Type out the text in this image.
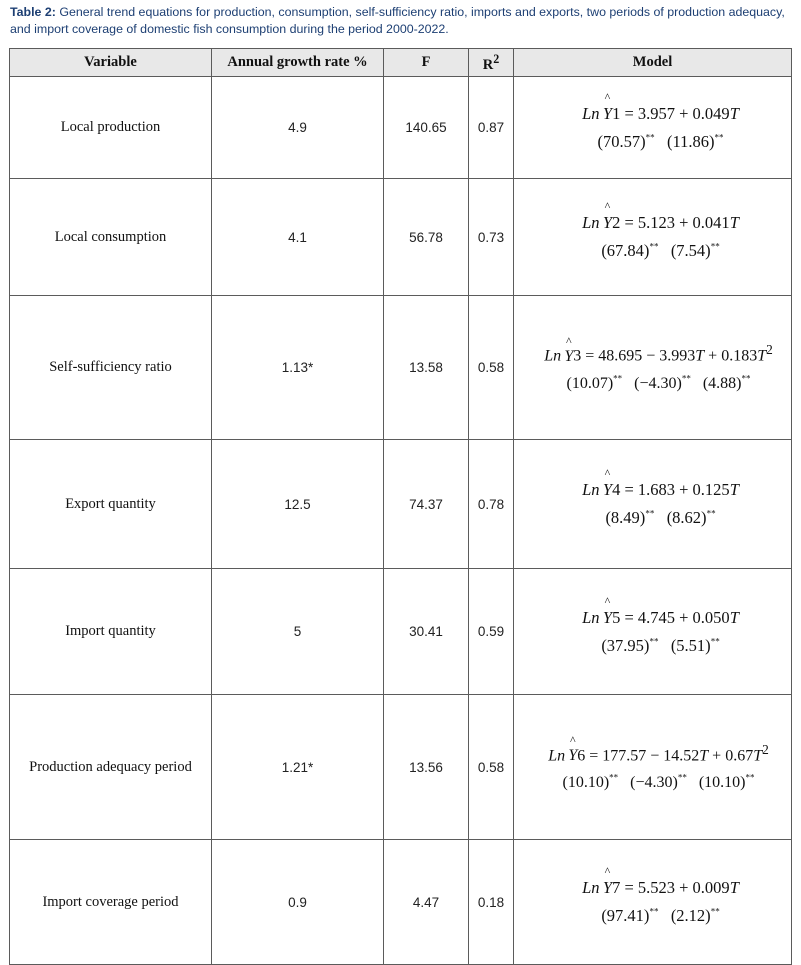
Table 2: General trend equations for production, consumption, self-sufficiency ratio, imports and exports, two periods of production adequacy, and import coverage of domestic fish consumption during the period 2000-2022.
Variable	Annual growth rate %	F	$R^2$	Model
Local production	4.9	140.65	0.87	Ln  ^ Y1 = 3.957 + 0.049T
(70.57)** (11.86)**

Local consumption	4.1	56.78	0.73	Ln  ^ Y2 = 5.123 + 0.041T
(67.84)** (7.54)**

Self-sufficiency ratio	1.13*	13.58	0.58	Ln  ^ $Y3 = 48.695 - 3.993T + 0.183T^2$
(10.07)** (−4.30)** (4.88)**

Export quantity	12.5	74.37	0.78	Ln  ^ Y4 = 1.683 + 0.125T
(8.49)** (8.62)**

Import quantity	5	30.41	0.59	Ln  ^ Y5 = 4.745 + 0.050T
(37.95)** (5.51)**

Production adequacy period	1.21*	13.56	0.58	Ln  ^ $Y6 = 177.57 - 14.52T + 0.67T^2$
(10.10)** (−4.30)** (10.10)**

Import coverage period	0.9	4.47	0.18	Ln  ^ Y7 = 5.523 + 0.009T
(97.41)** (2.12)**
